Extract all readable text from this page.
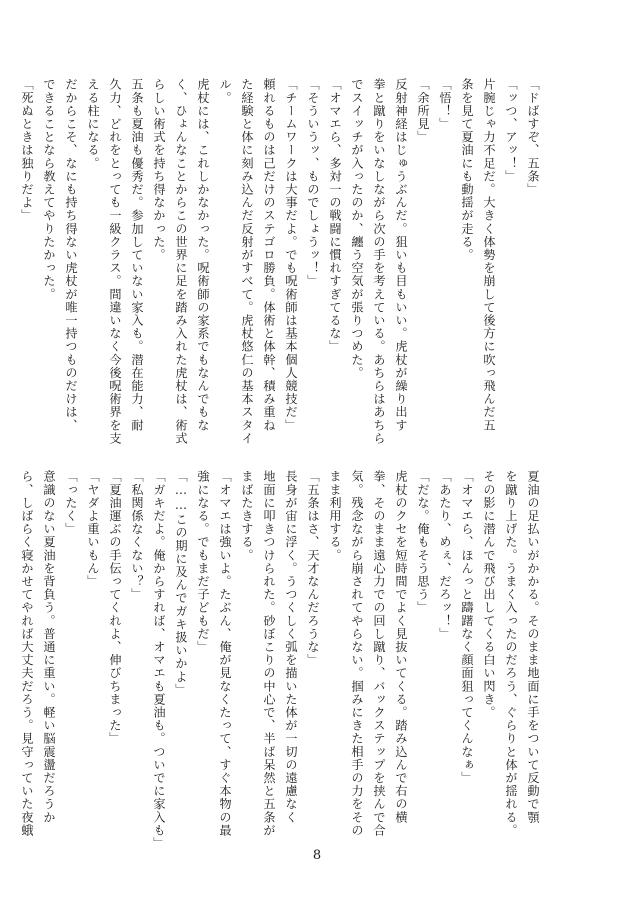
「ドばすぞ、五条」
「ッつ、アッ！」
片腕じゃ力不足だ。大きく体勢を崩して後方に吹っ飛んだ五
条を見て夏油にも動揺が走る。
「悟！」
「余所見」
反射神経はじゅうぶんだ。狙いも目もいい。虎杖が繰り出す
拳と蹴りをいなしながら次の手を考えている。あちらはあちら
でスイッチが入ったのか、纏う空気が張りつめた。
「オマエら、多対一の戦闘に慣れすぎてるな」
「そういうッ、ものでしょうッ！」
「チームワークは大事だよ。でも呪術師は基本個人競技だ」
頼れるものは己だけのステゴロ勝負。体術と体幹、積み重ね
た経験と体に刻み込んだ反射がすべて。虎杖悠仁の基本スタイ
ル。
虎杖には、これしかなかった。呪術師の家系でもなんでもな
く、ひょんなことからこの世界に足を踏み入れた虎杖は、術式
らしい術式を持ち得なかった。
五条も夏油も優秀だ。参加していない家入も。潜在能力、耐
久力、どれをとっても一級クラス。間違いなく今後呪術界を支
える柱になる。
だからこそ、なにも持ち得ない虎杖が唯一持つものだけは、
できることなら教えてやりたかった。
「死ぬときは独りだよ」
夏油の足払いがかかる。そのまま地面に手をついて反動で顎
を蹴り上げた。うまく入ったのだろう、ぐらりと体が揺れる。
その影に潜んで飛び出してくる白い閃き。
「オマエら、ほんっと躊躇なく顔面狙ってくんなぁ」
「あたり、めぇ、だろッ！」
「だな。俺もそう思う」
虎杖のクセを短時間でよく見抜いてくる。踏み込んで右の横
拳、そのまま遠心力での回し蹴り、バックステップを挟んで合
気。残念ながら崩されてやらない。掴みにきた相手の力をその
まま利用する。
「五条はさ、天才なんだろうな」
長身が宙に浮く。うつくしく弧を描いた体が一切の遠慮なく
地面に叩きつけられた。砂ぼこりの中心で、半ば呆然と五条が
まばたきする。
「オマエは強いよ。たぶん、俺が見なくたって、すぐ本物の最
強になる。でもまだ子どもだ」
「……この期に及んでガキ扱いかよ」
「ガキだよ。俺からすれば、オマエも夏油も。ついでに家入も」
「私関係なくない？」
「夏油運ぶの手伝ってくれよ、伸びちまった」
「ヤダよ重いもん」
「ったく」
意識のない夏油を背負う。普通に重い。軽い脳震盪だろうか
ら、しばらく寝かせてやれば大丈夫だろう。見守っていた夜蛾
8
